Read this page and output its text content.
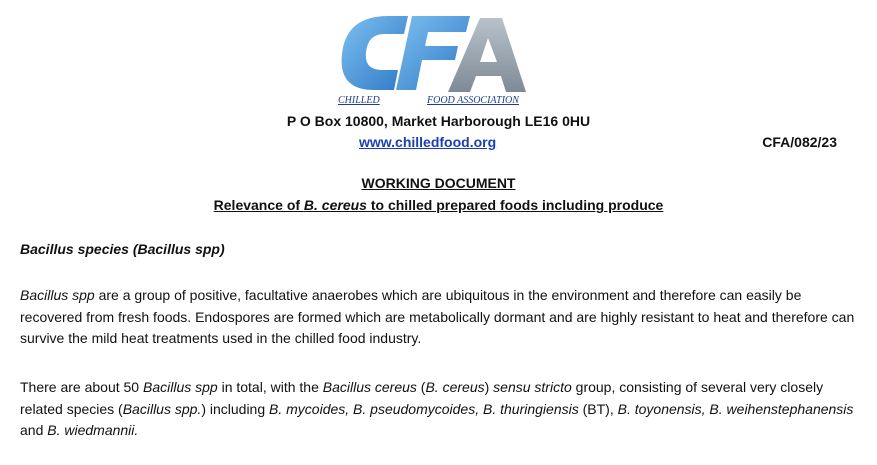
CHILLED	FOOD ASSOCIATION
P O Box 10800, Market Harborough LE16 0HU
www.chilledfood.org	CFA/082/23
WORKING DOCUMENT
Relevance of B. cereus to chilled prepared foods including produce
Bacillus species (Bacillus spp)

Bacillus spp are a group of positive, facultative anaerobes which are ubiquitous in the environment and therefore can easily be recovered from fresh foods. Endospores are formed which are metabolically dormant and are highly resistant to heat and therefore can survive the mild heat treatments used in the chilled food industry.

There are about 50 Bacillus spp in total, with the Bacillus cereus (B. cereus) sensu stricto group, consisting of several very closely related species (Bacillus spp.) including B. mycoides, B. pseudomycoides, B. thuringiensis (BT), B. toyonensis, B. weihenstephanensis and B. wiedmannii.
